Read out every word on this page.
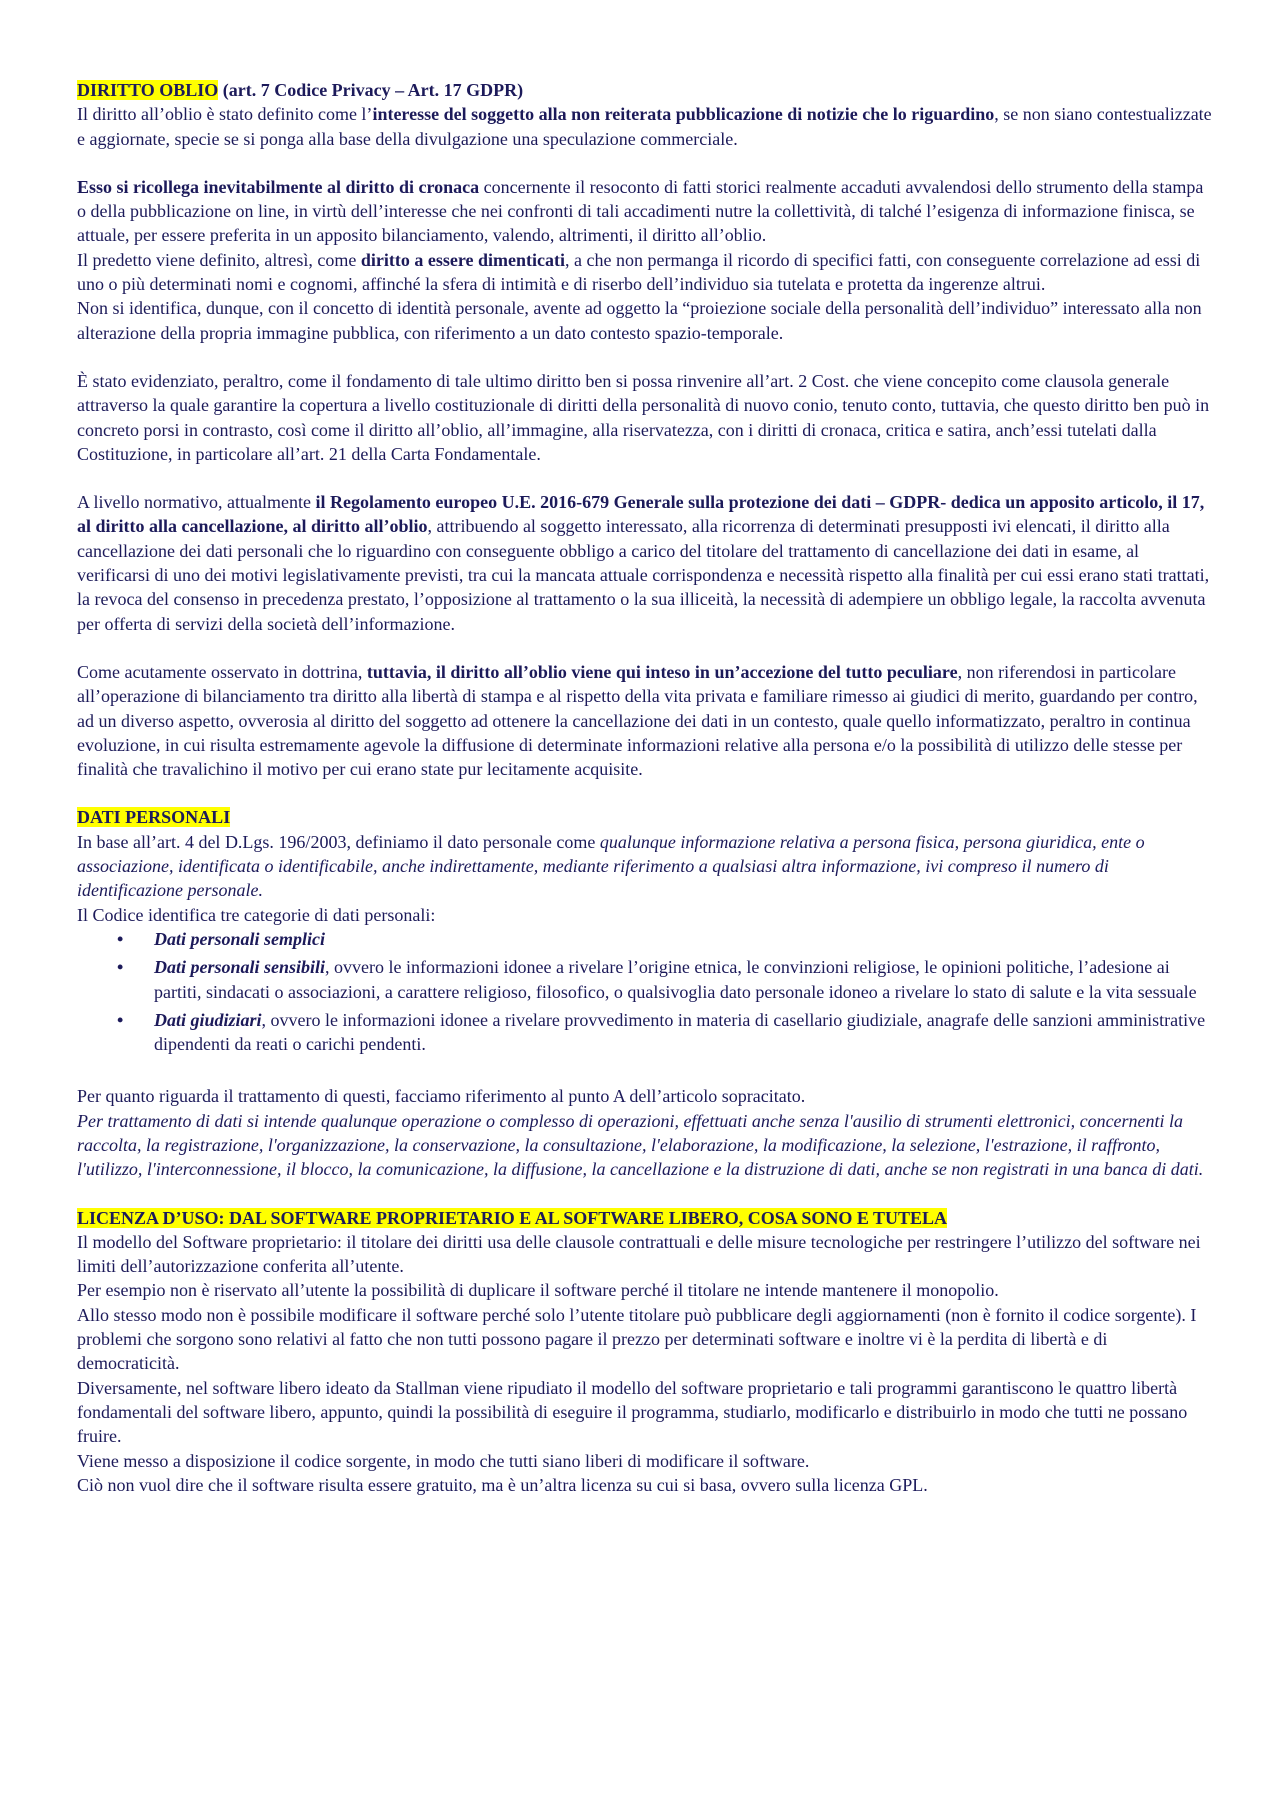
DIRITTO OBLIO (art. 7 Codice Privacy – Art. 17 GDPR)

Il diritto all’oblio è stato definito come l’interesse del soggetto alla non reiterata pubblicazione di notizie che lo riguardino, se non siano contestualizzate e aggiornate, specie se si ponga alla base della divulgazione una speculazione commerciale.

Esso si ricollega inevitabilmente al diritto di cronaca concernente il resoconto di fatti storici realmente accaduti avvalendosi dello strumento della stampa o della pubblicazione on line, in virtù dell’interesse che nei confronti di tali accadimenti nutre la collettività, di talché l’esigenza di informazione finisca, se attuale, per essere preferita in un apposito bilanciamento, valendo, altrimenti, il diritto all’oblio.

Il predetto viene definito, altresì, come diritto a essere dimenticati, a che non permanga il ricordo di specifici fatti, con conseguente correlazione ad essi di uno o più determinati nomi e cognomi, affinché la sfera di intimità e di riserbo dell’individuo sia tutelata e protetta da ingerenze altrui.

Non si identifica, dunque, con il concetto di identità personale, avente ad oggetto la “proiezione sociale della personalità dell’individuo” interessato alla non alterazione della propria immagine pubblica, con riferimento a un dato contesto spazio-temporale.

È stato evidenziato, peraltro, come il fondamento di tale ultimo diritto ben si possa rinvenire all’art. 2 Cost. che viene concepito come clausola generale attraverso la quale garantire la copertura a livello costituzionale di diritti della personalità di nuovo conio, tenuto conto, tuttavia, che questo diritto ben può in concreto porsi in contrasto, così come il diritto all’oblio, all’immagine, alla riservatezza, con i diritti di cronaca, critica e satira, anch’essi tutelati dalla Costituzione, in particolare all’art. 21 della Carta Fondamentale.

A livello normativo, attualmente il Regolamento europeo U.E. 2016-679 Generale sulla protezione dei dati – GDPR- dedica un apposito articolo, il 17, al diritto alla cancellazione, al diritto all’oblio, attribuendo al soggetto interessato, alla ricorrenza di determinati presupposti ivi elencati, il diritto alla cancellazione dei dati personali che lo riguardino con conseguente obbligo a carico del titolare del trattamento di cancellazione dei dati in esame, al verificarsi di uno dei motivi legislativamente previsti, tra cui la mancata attuale corrispondenza e necessità rispetto alla finalità per cui essi erano stati trattati, la revoca del consenso in precedenza prestato, l’opposizione al trattamento o la sua illiceità, la necessità di adempiere un obbligo legale, la raccolta avvenuta per offerta di servizi della società dell’informazione.

Come acutamente osservato in dottrina, tuttavia, il diritto all’oblio viene qui inteso in un’accezione del tutto peculiare, non riferendosi in particolare all’operazione di bilanciamento tra diritto alla libertà di stampa e al rispetto della vita privata e familiare rimesso ai giudici di merito, guardando per contro, ad un diverso aspetto, ovverosia al diritto del soggetto ad ottenere la cancellazione dei dati in un contesto, quale quello informatizzato, peraltro in continua evoluzione, in cui risulta estremamente agevole la diffusione di determinate informazioni relative alla persona e/o la possibilità di utilizzo delle stesse per finalità che travalichino il motivo per cui erano state pur lecitamente acquisite.

DATI PERSONALI

In base all’art. 4 del D.Lgs. 196/2003, definiamo il dato personale come qualunque informazione relativa a persona fisica, persona giuridica, ente o associazione, identificata o identificabile, anche indirettamente, mediante riferimento a qualsiasi altra informazione, ivi compreso il numero di identificazione personale.

Il Codice identifica tre categorie di dati personali:

• Dati personali semplici
• Dati personali sensibili, ovvero le informazioni idonee a rivelare l’origine etnica, le convinzioni religiose, le opinioni politiche, l’adesione ai partiti, sindacati o associazioni, a carattere religioso, filosofico, o qualsivoglia dato personale idoneo a rivelare lo stato di salute e la vita sessuale
• Dati giudiziari, ovvero le informazioni idonee a rivelare provvedimento in materia di casellario giudiziale, anagrafe delle sanzioni amministrative dipendenti da reati o carichi pendenti.

Per quanto riguarda il trattamento di questi, facciamo riferimento al punto A dell’articolo sopracitato.

Per trattamento di dati si intende qualunque operazione o complesso di operazioni, effettuati anche senza l'ausilio di strumenti elettronici, concernenti la raccolta, la registrazione, l'organizzazione, la conservazione, la consultazione, l'elaborazione, la modificazione, la selezione, l'estrazione, il raffronto, l'utilizzo, l'interconnessione, il blocco, la comunicazione, la diffusione, la cancellazione e la distruzione di dati, anche se non registrati in una banca di dati.

LICENZA D’USO: DAL SOFTWARE PROPRIETARIO E AL SOFTWARE LIBERO, COSA SONO E TUTELA

Il modello del Software proprietario: il titolare dei diritti usa delle clausole contrattuali e delle misure tecnologiche per restringere l’utilizzo del software nei limiti dell’autorizzazione conferita all’utente.

Per esempio non è riservato all’utente la possibilità di duplicare il software perché il titolare ne intende mantenere il monopolio.

Allo stesso modo non è possibile modificare il software perché solo l’utente titolare può pubblicare degli aggiornamenti (non è fornito il codice sorgente). I problemi che sorgono sono relativi al fatto che non tutti possono pagare il prezzo per determinati software e inoltre vi è la perdita di libertà e di democraticità.

Diversamente, nel software libero ideato da Stallman viene ripudiato il modello del software proprietario e tali programmi garantiscono le quattro libertà fondamentali del software libero, appunto, quindi la possibilità di eseguire il programma, studiarlo, modificarlo e distribuirlo in modo che tutti ne possano fruire.

Viene messo a disposizione il codice sorgente, in modo che tutti siano liberi di modificare il software.

Ciò non vuol dire che il software risulta essere gratuito, ma è un’altra licenza su cui si basa, ovvero sulla licenza GPL.
